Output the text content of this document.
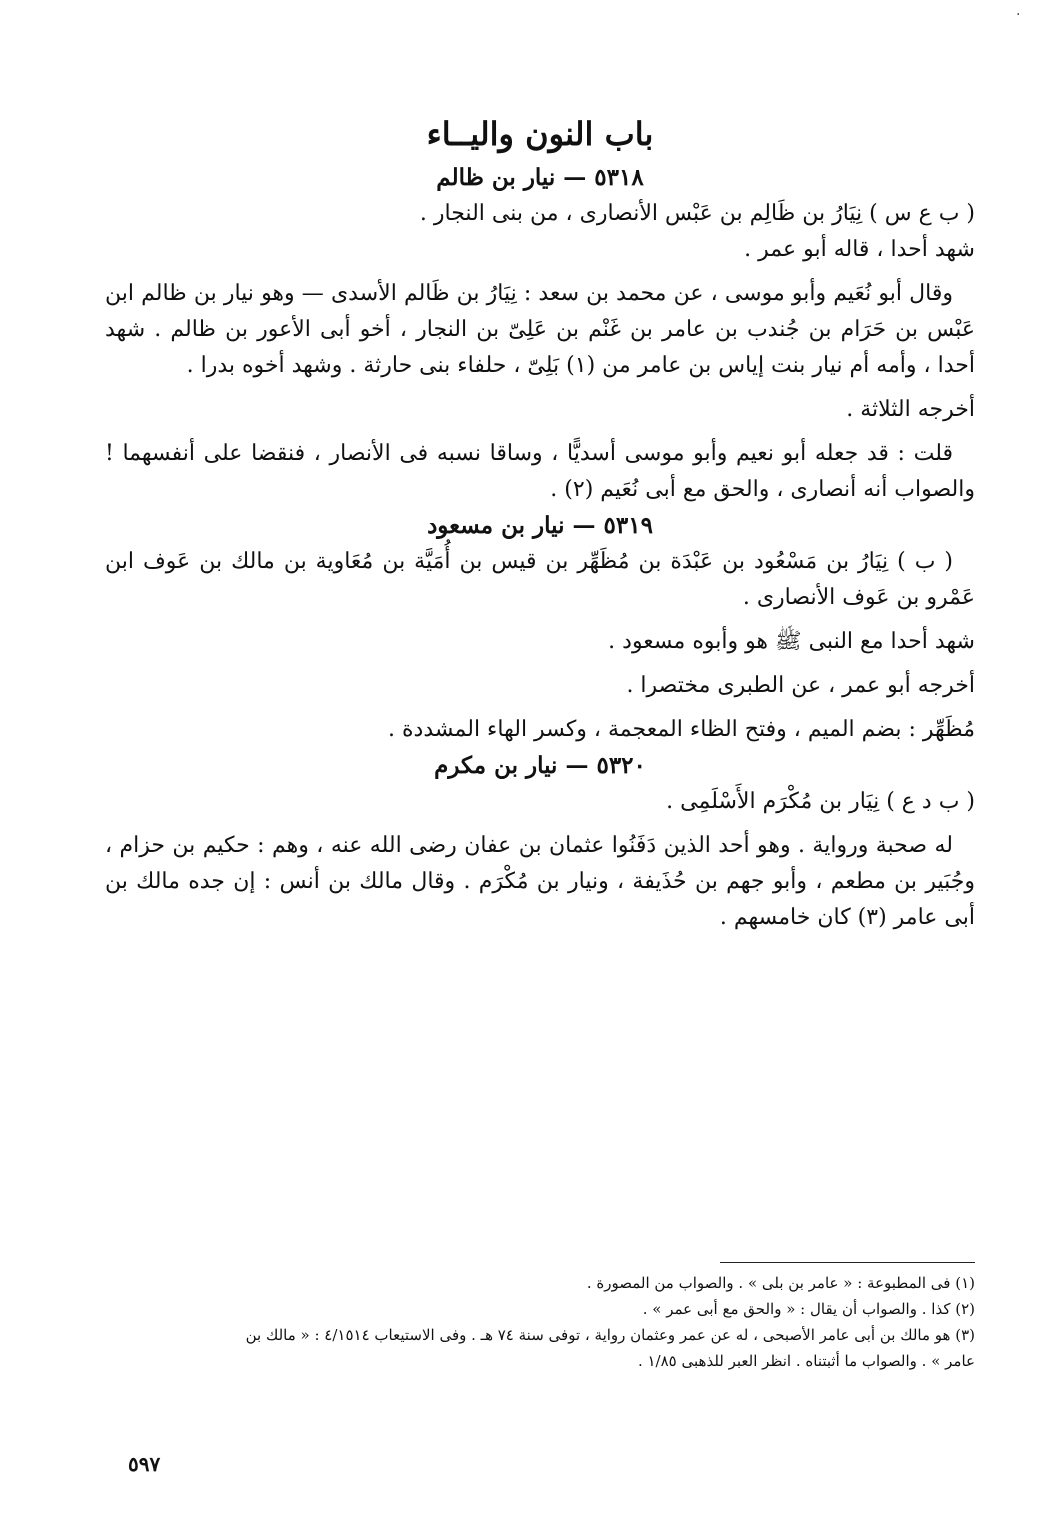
٠
باب النون واليــاء
٥٣١٨ — نيار بن ظالم

( ب ع س ) نِيَارُ بن ظَالِم بن عَبْس الأنصارى ، من بنى النجار .

شهد أحدا ، قاله أبو عمر .

وقال أبو نُعَيم وأبو موسى ، عن محمد بن سعد : نِيَارُ بن ظَالم الأسدى — وهو نيار بن ظالم ابن عَبْس بن حَرَام بن جُندب بن عامر بن غَنْم بن عَلِىّ بن النجار ، أخو أبى الأعور بن ظالم . شهد أحدا ، وأمه أم نيار بنت إياس بن عامر من (١) بَلِىّ ، حلفاء بنى حارثة . وشهد أخوه بدرا .

أخرجه الثلاثة .

قلت : قد جعله أبو نعيم وأبو موسى أسديًّا ، وساقا نسبه فى الأنصار ، فنقضا على أنفسهما ! والصواب أنه أنصارى ، والحق مع أبى نُعَيم (٢) .

٥٣١٩ — نيار بن مسعود

( ب ) نِيَارُ بن مَسْعُود بن عَبْدَة بن مُظَهِّر بن قيس بن أُمَيَّة بن مُعَاوية بن مالك بن عَوف ابن عَمْرو بن عَوف الأنصارى .

شهد أحدا مع النبى ﷺ هو وأبوه مسعود .

أخرجه أبو عمر ، عن الطبرى مختصرا .

مُظَهِّر : بضم الميم ، وفتح الظاء المعجمة ، وكسر الهاء المشددة .

٥٣٢٠ — نيار بن مكرم

( ب د ع ) نِيَار بن مُكْرَم الأَسْلَمِى .

له صحبة ورواية . وهو أحد الذين دَفَنُوا عثمان بن عفان رضى الله عنه ، وهم : حكيم بن حزام ، وجُبَير بن مطعم ، وأبو جهم بن حُذَيفة ، ونيار بن مُكْرَم . وقال مالك بن أنس : إن جده مالك بن أبى عامر (٣) كان خامسهم .

(١) فى المطبوعة : « عامر بن بلى » . والصواب من المصورة .

(٢) كذا . والصواب أن يقال : « والحق مع أبى عمر » .

(٣) هو مالك بن أبى عامر الأصبحى ، له عن عمر وعثمان رواية ، توفى سنة ٧٤ هـ . وفى الاستيعاب ٤/١٥١٤ : « مالك بن

عامر » . والصواب ما أثبتناه . انظر العبر للذهبى ١/٨٥ .

٥٩٧
